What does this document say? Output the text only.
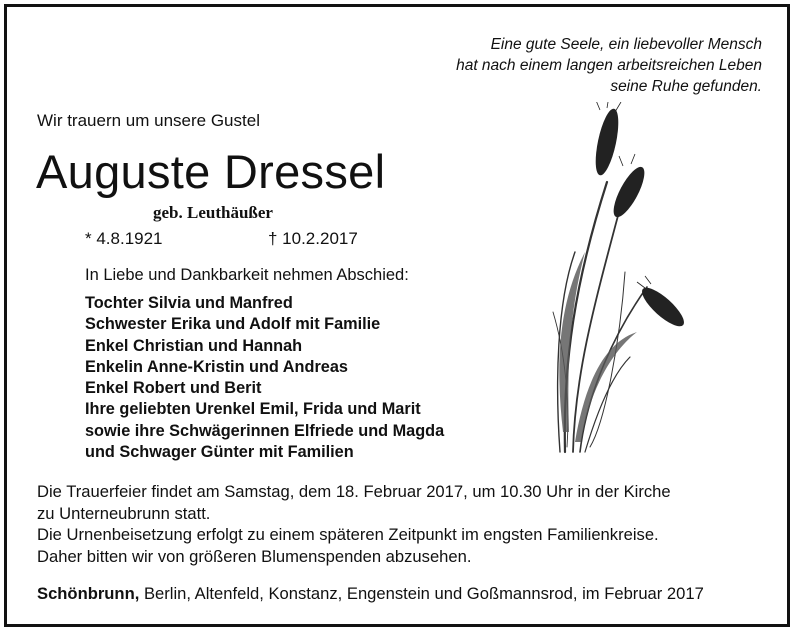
Eine gute Seele, ein liebevoller Mensch
hat nach einem langen arbeitsreichen Leben
seine Ruhe gefunden.
Wir trauern um unsere Gustel
Auguste Dressel
geb. Leuthäußer
* 4.8.1921	† 10.2.2017
In Liebe und Dankbarkeit nehmen Abschied:
Tochter Silvia und Manfred
Schwester Erika und Adolf mit Familie
Enkel Christian und Hannah
Enkelin Anne-Kristin und Andreas
Enkel Robert und Berit
Ihre geliebten Urenkel Emil, Frida und Marit
sowie ihre Schwägerinnen Elfriede und Magda
und Schwager Günter mit Familien
Die Trauerfeier findet am Samstag, dem 18. Februar 2017, um 10.30 Uhr in der Kirche
zu Unterneubrunn statt.
Die Urnenbeisetzung erfolgt zu einem späteren Zeitpunkt im engsten Familienkreise.
Daher bitten wir von größeren Blumenspenden abzusehen.
Schönbrunn, Berlin, Altenfeld, Konstanz, Engenstein und Goßmannsrod, im Februar 2017
